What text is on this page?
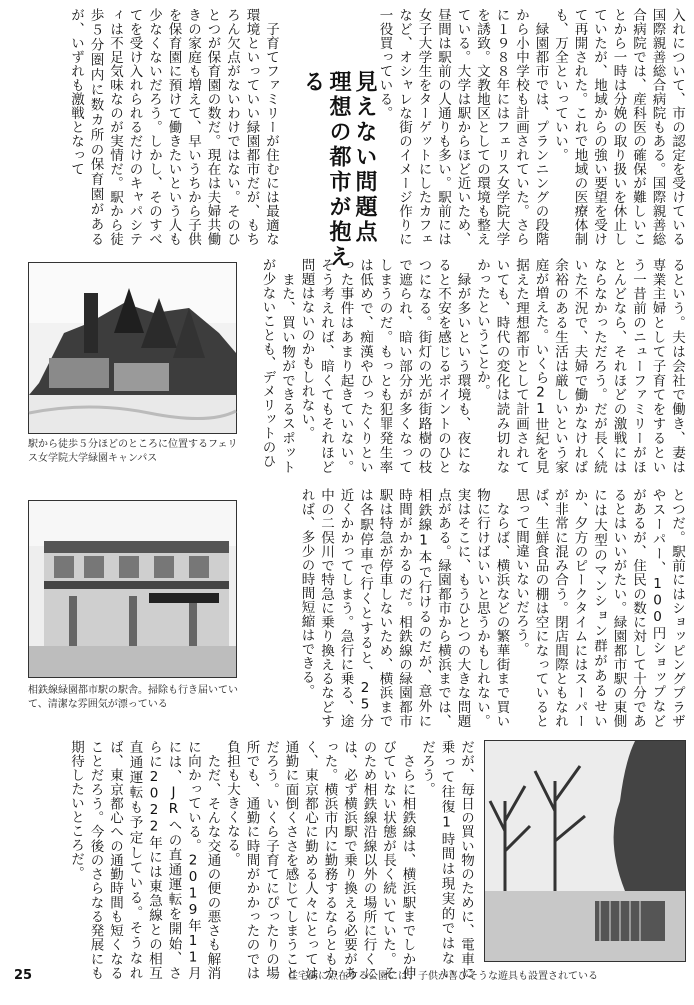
入れについて、市の認定を受けている国際親善総合病院もある。国際親善総合病院では、産科医の確保が難しいことから一時は分娩の取り扱いを休止していたが、地域からの強い要望を受けて再開された。これで地域の医療体制も、万全といっていい。
　緑園都市では、プランニングの段階から小中学校も計画されていた。さらに１９８８年にはフェリス女学院大学を誘致。文教地区としての環境も整えている。大学は駅からほど近いため、昼間は駅前の人通りも多い。駅前には女子大学生をターゲットにしたカフェなど、オシャレな街のイメージ作りに一役買っている。
見えない問題点
理想の都市が抱える
　子育てファミリーが住むには最適な環境といっていい緑園都市だが、もちろん欠点がないわけではない。そのひとつが保育園の数だ。現在は夫婦共働きの家庭も増えて、早いうちから子供を保育園に預けて働きたいという人も少なくないだろう。しかし、そのすべてを受け入れられるだけのキャパシティは不足気味なのが実情だ。駅から徒歩５分圏内に数カ所の保育園があるが、いずれも激戦となって
駅から徒歩５分ほどのところに位置するフェリス女学院大学緑園キャンパス	るという。夫は会社で働き、妻は専業主婦として子育てをするという一昔前のニューファミリーがほとんどなら、それほどの激戦にはならなかっただろう。だが長く続いた不況で、夫婦で働かなければ余裕のある生活は厳しいという家庭が増えた。いくら21世紀を見据えた理想都市として計画されていても、時代の変化は読み切れなかったということか。
　緑が多いという環境も、夜になると不安を感じるポイントのひとつになる。街灯の光が街路樹の枝で遮られ、暗い部分が多くなってしまうのだ。もっとも犯罪発生率は低めで、痴漢やひったくりといった事件はあまり起きていない。そう考えれば、暗くてもそれほど問題はないのかもしれない。
　また、買い物ができるスポットが少ないことも、デメリットのひ
相鉄線緑園都市駅の駅舎。掃除も行き届いていて、清潔な雰囲気が漂っている	とつだ。駅前にはショッピングプラザやスーパー、100円ショップなどがあるが、住民の数に対して十分であるとはいいがたい。緑園都市駅の東側には大型のマンション群があるせいか、夕方のピークタイムにはスーパーが非常に混み合う。閉店間際ともなれば、生鮮食品の棚は空になっていると思って間違いないだろう。
　ならば、横浜などの繁華街まで買い物に行けばいいと思うかもしれない。実はそこに、もうひとつの大きな問題点がある。緑園都市から横浜までは、相鉄線1本で行けるのだが、意外に時間がかかるのだ。相鉄線の緑園都市駅は特急が停車しないため、横浜までは各駅停車で行くとすると、25分近くかかってしまう。急行に乗る、途中の二俣川で特急に乗り換えるなどすれば、多少の時間短縮はできる。
だが、毎日の買い物のために、電車に乗って往復1時間は現実的ではないだろう。
　さらに相鉄線は、横浜駅までしか伸びていない状態が長く続いていた。そのため相鉄線沿線以外の場所に行くには、必ず横浜駅で乗り換える必要があった。横浜市内に勤務するならともかく、東京都心に勤める人々にとっては通勤に面倒くささを感じてしまうことだろう。いくら子育てにぴったりの場所でも、通勤に時間がかかったのでは負担も大きくなる。
　ただ、そんな交通の便の悪さも解消に向かっている。2019年11月には、JRへの直通運転を開始、さらに2022年には東急線との相互直通運転も予定している。そうなれば、東京都心への通勤時間も短くなることだろう。今後のさらなる発展にも期待したいところだ。
住宅街に点在する公園には、子供が喜びそうな遊具も設置されている
25
